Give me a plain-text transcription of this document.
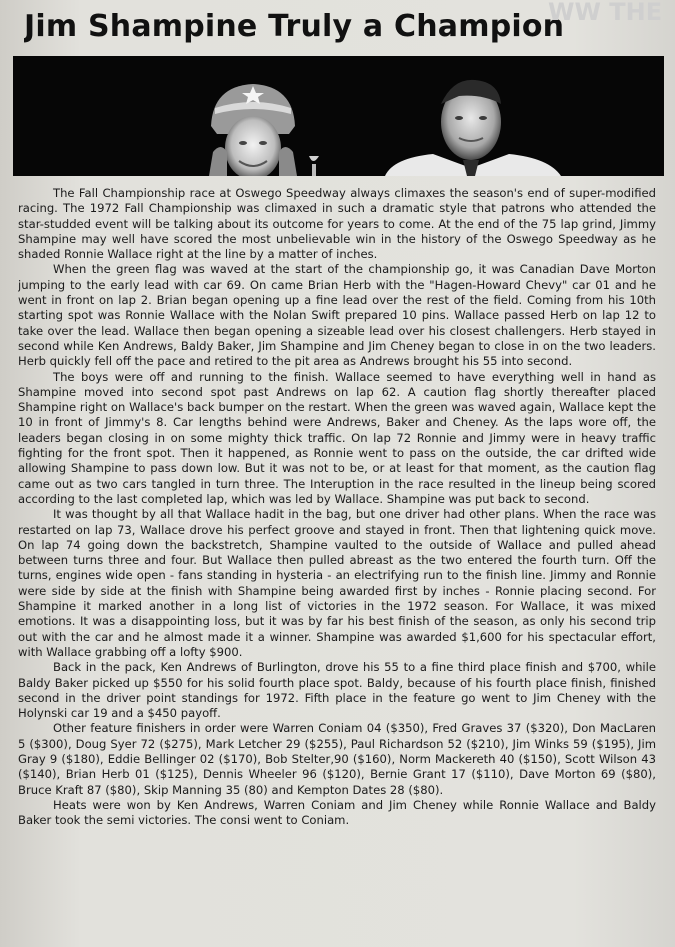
Jim Shampine Truly a Champion
WW THE

The Fall Championship race at Oswego Speedway always climaxes the season's end of super-modified racing. The 1972 Fall Championship was climaxed in such a dramatic style that patrons who attended the star-studded event will be talking about its outcome for years to come. At the end of the 75 lap grind, Jimmy Shampine may well have scored the most unbelievable win in the history of the Oswego Speedway as he shaded Ronnie Wallace right at the line by a matter of inches.

When the green flag was waved at the start of the championship go, it was Canadian Dave Morton jumping to the early lead with car 69. On came Brian Herb with the "Hagen-Howard Chevy" car 01 and he went in front on lap 2. Brian began opening up a fine lead over the rest of the field. Coming from his 10th starting spot was Ronnie Wallace with the Nolan Swift prepared 10 pins. Wallace passed Herb on lap 12 to take over the lead. Wallace then began opening a sizeable lead over his closest challengers. Herb stayed in second while Ken Andrews, Baldy Baker, Jim Shampine and Jim Cheney began to close in on the two leaders. Herb quickly fell off the pace and retired to the pit area as Andrews brought his 55 into second.

The boys were off and running to the finish. Wallace seemed to have everything well in hand as Shampine moved into second spot past Andrews on lap 62. A caution flag shortly thereafter placed Shampine right on Wallace's back bumper on the restart. When the green was waved again, Wallace kept the 10 in front of Jimmy's 8. Car lengths behind were Andrews, Baker and Cheney. As the laps wore off, the leaders began closing in on some mighty thick traffic. On lap 72 Ronnie and Jimmy were in heavy traffic fighting for the front spot. Then it happened, as Ronnie went to pass on the outside, the car drifted wide allowing Shampine to pass down low. But it was not to be, or at least for that moment, as the caution flag came out as two cars tangled in turn three. The Interuption in the race resulted in the lineup being scored according to the last completed lap, which was led by Wallace. Shampine was put back to second.

It was thought by all that Wallace hadit in the bag, but one driver had other plans. When the race was restarted on lap 73, Wallace drove his perfect groove and stayed in front. Then that lightening quick move. On lap 74 going down the backstretch, Shampine vaulted to the outside of Wallace and pulled ahead between turns three and four. But Wallace then pulled abreast as the two entered the fourth turn. Off the turns, engines wide open - fans standing in hysteria - an electrifying run to the finish line. Jimmy and Ronnie were side by side at the finish with Shampine being awarded first by inches - Ronnie placing second. For Shampine it marked another in a long list of victories in the 1972 season. For Wallace, it was mixed emotions. It was a disappointing loss, but it was by far his best finish of the season, as only his second trip out with the car and he almost made it a winner. Shampine was awarded $1,600 for his spectacular effort, with Wallace grabbing off a lofty $900.

Back in the pack, Ken Andrews of Burlington, drove his 55 to a fine third place finish and $700, while Baldy Baker picked up $550 for his solid fourth place spot. Baldy, because of his fourth place finish, finished second in the driver point standings for 1972. Fifth place in the feature go went to Jim Cheney with the Holynski car 19 and a $450 payoff.

Other feature finishers in order were Warren Coniam 04 ($350), Fred Graves 37 ($320), Don MacLaren 5 ($300), Doug Syer 72 ($275), Mark Letcher 29 ($255), Paul Richardson 52 ($210), Jim Winks 59 ($195), Jim Gray 9 ($180), Eddie Bellinger 02 ($170), Bob Stelter,90 ($160), Norm Mackereth 40 ($150), Scott Wilson 43 ($140), Brian Herb 01 ($125), Dennis Wheeler 96 ($120), Bernie Grant 17 ($110), Dave Morton 69 ($80), Bruce Kraft 87 ($80), Skip Manning 35 (80) and Kempton Dates 28 ($80).

Heats were won by Ken Andrews, Warren Coniam and Jim Cheney while Ronnie Wallace and Baldy Baker took the semi victories. The consi went to Coniam.
